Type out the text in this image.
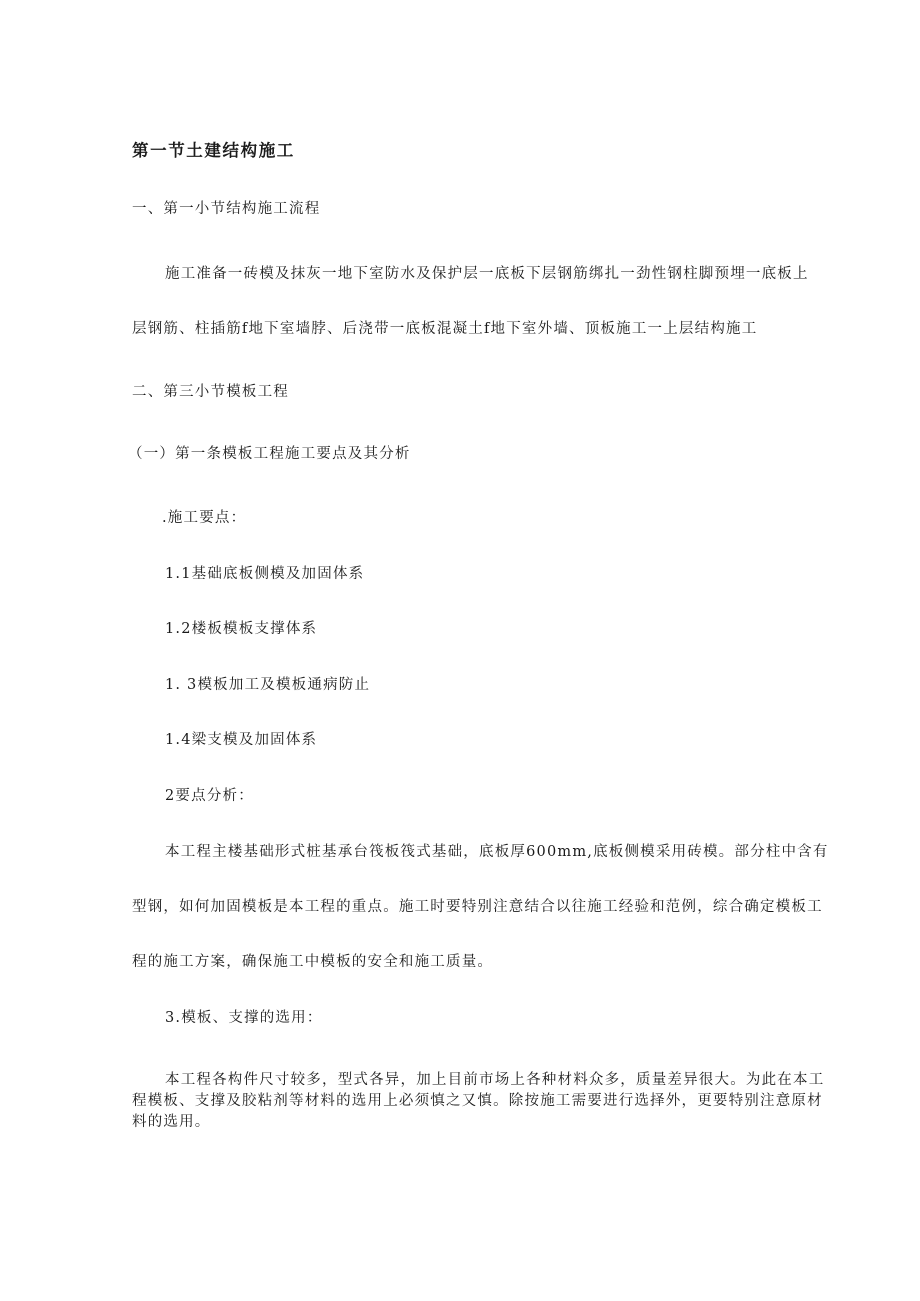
第一节土建结构施工
一、第一小节结构施工流程
施工准备一砖模及抹灰一地下室防水及保护层一底板下层钢筋绑扎一劲性钢柱脚预埋一底板上
层钢筋、柱插筋f地下室墙脖、后浇带一底板混凝土f地下室外墙、顶板施工一上层结构施工
二、第三小节模板工程
（一）第一条模板工程施工要点及其分析
.施工要点：
1.1基础底板侧模及加固体系
1.2楼板模板支撑体系
1. 3模板加工及模板通病防止
1.4梁支模及加固体系
2要点分析：
本工程主楼基础形式桩基承台筏板筏式基础，底板厚600mm,底板侧模采用砖模。部分柱中含有
型钢，如何加固模板是本工程的重点。施工时要特别注意结合以往施工经验和范例，综合确定模板工
程的施工方案，确保施工中模板的安全和施工质量。
3.模板、支撑的选用：
本工程各构件尺寸较多，型式各异，加上目前市场上各种材料众多，质量差异很大。为此在本工
程模板、支撑及胶粘剂等材料的选用上必须慎之又慎。除按施工需要进行选择外，更要特别注意原材
料的选用。
